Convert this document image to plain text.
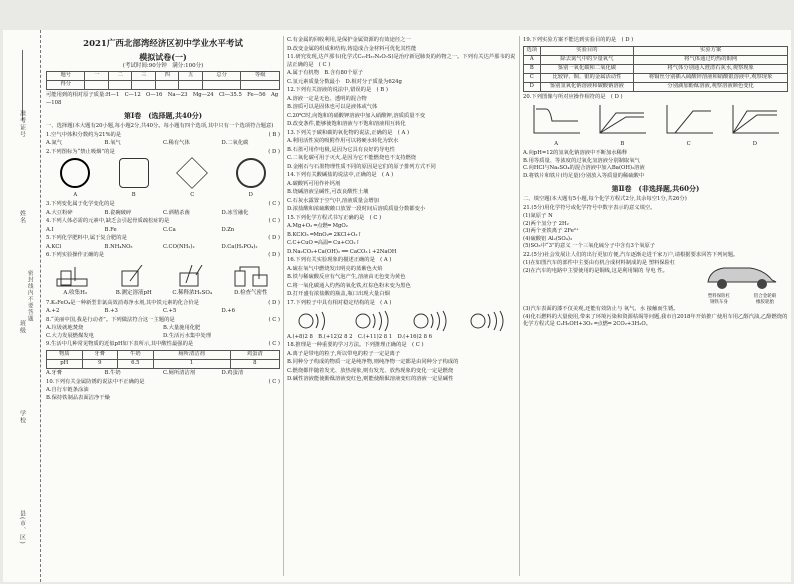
准考证号
姓名
密封线内不要答题
班级
学校
县(市、区)
2021广西北部湾经济区初中学业水平考试
模拟试卷(一)
(考试时间:90分钟　满分:100分)
题号	一	二	三	四	五	总分	等级
得分							
可能用到的相对原子质量:H—1　C—12　O—16　Na—23　Mg—24　Cl—35.5　Fe—56　Ag—108
第Ⅰ卷　(选择题,共40分)
一、选择题(本大题有20小题,每小题2分,共40分。每小题有四个选项,其中只有一个选项符合题意)
1.空气中体积分数约为21%的是	( B )
A.氮气	B.氧气	C.稀有气体	D.二氧化碳
2.下列图标为“禁止吸烟”的是	( D )
A	B	C	D
3.下列变化属于化学变化的是	( C )
A.大豆粉碎	B.瓷碗破碎	C.酒精杀菌	D.冰雪融化
4.下列人体必需的元素中,缺乏会引起骨质疏松症的是	( C )
A.I	B.Fe	C.Ca	D.Zn
5.下列化学肥料中,属于复合肥的是	( D )
A.KCl	B.NH₄NO₃	C.CO(NH₂)₂	D.Ca(H₂PO₄)₂
6.下列实验操作正确的是	( D )
A.收集H₂	B.测定溶液pH	C.稀释浓H₂SO₄	D.检查气密性
7.K₂FeO₄是一种新型非氯高效消毒净水剂,其中铁元素的化合价是	( D )
A.+2	B.+3	C.+5	D.+6
8.“美丽中国,我是行动者”。下列做法符合这一主题的是	( C )
A.垃圾就地焚烧	B.大量施用化肥
C.大力发展燃煤发电	D.生活污水集中处理
9.生活中几种常见物质的近似pH如下表所示,其中酸性最强的是	( C )
物质	牙膏	牛奶	厕所清洁剂	鸡蛋清
pH	9	6.5	1	8
A.牙膏	B.牛奶	C.厕所清洁剂	D.鸡蛋清
10.下列有关金属防锈的说法中不正确的是	( C )
A.自行车链条涂油
B.保持铁制品表面洁净干燥
C.有金属的回收利用,是保护金属资源的有效途径之一
D.改变金属的组成和结构,铸造成合金材料可优化其性能
11.研究发现,达芦那韦(化学式C₂₇H₃₇N₃O₇S)是治疗新冠肺炎的药物之一。下列有关达芦那韦的说法正确的是　( C )
A.属于有机物　B.含有80个原子
C.氢元素质量分数最小　D.相对分子质量为624g
12.下列有关溶液的说法中,错误的是　( B )
A.溶液一定是无色、透明的混合物
B.溶质可以是固体也可以是液体或气体
C.20℃时,向饱和的硝酸钾溶液中加入硝酸钾,溶质质量不变
D.改变条件,能够使饱和溶液与不饱和溶液相互转化
13.下列关于碳和碳的氧化物的说法,正确的是　( A )
A.利用活性炭的吸附作用可以将硬水转化为软水
B.石墨可用作电极,是因为它具有良好的导电性
C.二氧化碳可用于灭火,是因为它不能燃烧也不支持燃烧
D.金刚石与石墨物理性质不同的原因是它们的原子排列方式不同
14.下列有关酸碱盐的说法中,正确的是　( A )
A.碳酸钙可用作补钙剂
B.烧碱溶液呈碱性,可改良酸性土壤
C.石灰水露置于空气中,溶液质量会增加
D.浓盐酸和浓硫酸敞口放置一段时间后溶质质量分数都变小
15.下列化学方程式书写正确的是　( C )
A.Mg+O₂ ═点燃═ MgO₂
B.KClO₃ ═MnO₂═ 2KCl+O₂↑
C.C+CuO ═高温═ Cu+CO₂↑
D.Na₂CO₃+Ca(OH)₂ ══ CaCO₃↓+2NaOH
16.下列有关实验现象的描述正确的是　( A )
A.硫在氧气中燃烧发出明亮的蓝紫色火焰
B.铁与稀硫酸反应有气泡产生,溶液由无色变为黄色
C.将一氧化碳通入灼热的氧化铁,红棕色粉末变为黑色
D.打开盛有浓盐酸的瓶盖,瓶口出现大量白烟
17.下列粒子中具有相对稳定结构的是　( A )
A.(+8)2 8　B.(+12)2 8 2　C.(+11)2 8 1　D.(+16)2 8 6
18.推理是一种重要的学习方法。下列推理正确的是　( C )
A.离子是带电的粒子,所以带电的粒子一定是离子
B.同种分子构成的物质一定是纯净物,则纯净物一定都是由同种分子构成的
C.燃烧都伴随着发光、放热现象,则有发光、放热现象的变化一定是燃烧
D.碱性溶液能使酚酞溶液变红色,则能使酚酞溶液变红的溶液一定显碱性
19.下列实验方案不能达到实验目的的是　( D )
选项	实验目的	实验方案
A	除去氮气中的少量氧气	将气体通过灼热的铜网
B	鉴别一氧化碳和二氧化碳	将气体分别通入澄清石灰水,观察现象
C	比较锌、铜、银的金属活动性	将铜丝分别插入硫酸锌溶液和硝酸银溶液中,观察现象
D	鉴别氢氧化钠溶液和碳酸钠溶液	分别滴加酚酞溶液,观察溶液颜色变化
20.下列图像与所对应操作相符的是　( D )
A	B	C	D
A.向pH=12的氢氧化钠溶液中不断加水稀释
B.用等质量、等浓度的过氧化氢溶液分别制取氧气
C.向HCl与Na₂SO₄的混合溶液中加入Ba(OH)₂溶液
D.将铁片和铁片(均足量)分别放入等质量的稀硫酸中
第Ⅱ卷　(非选择题,共60分)
二、填空题(本大题有5小题,每个化学方程式2分,其余每空1分,共26分)
21.(5分)用化学符号或化学符号中数字表示的意义填空。
(1)氮原子 N
(2)两个氢分子 2H₂
(3)两个亚铁离子 2Fe²⁺
(4)硫酸铝 Al₂(SO₄)₃
(5)SO₃中“3”的意义 一个三氧化硫分子中含有3个氧原子
22.(5分)社会发展让人们的出行更加方便,汽车逐渐走进千家万户,请根据要求回答下列问题。
(1)在如图汽车的部件中主要由有机合成材料制成的是 塑料保险杠
(2)在汽车的电路中主要使用的是铜线,这是利用铜的 导电 性。
塑料保险杠	铝合金轮毂
钢铁车身	橡胶轮胎
(3)汽车表面的漆不仅美观,还能有效防止与 氧气、水 接触而生锈。
(4)化石燃料的大量使用,带来了环境污染和资源枯竭等问题,我市自2018年开始推广使用车用乙醇汽油,乙醇燃烧的化学方程式是 C₂H₅OH+3O₂ ═点燃═ 2CO₂+3H₂O。
